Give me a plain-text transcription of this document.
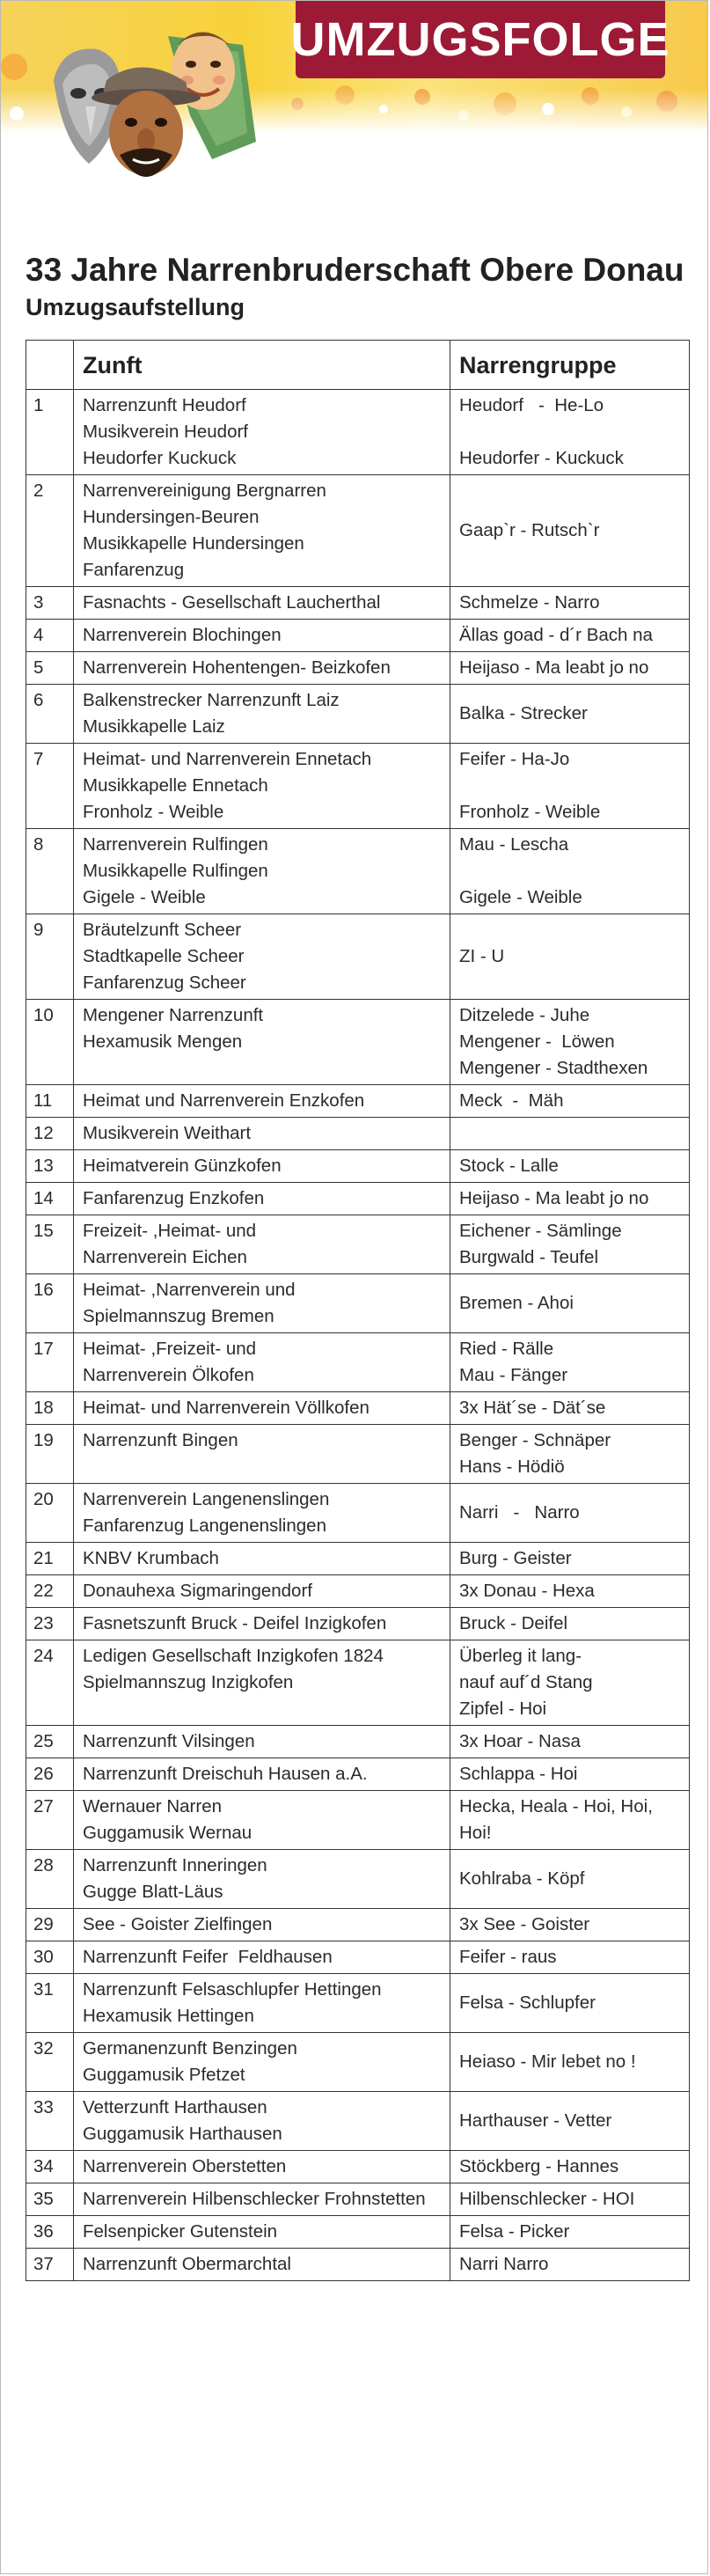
UMZUGSFOLGE
33 Jahre Narrenbruderschaft Obere Donau
Umzugsaufstellung
	Zunft	Narrengruppe
1	Narrenzunft Heudorf
Musikverein Heudorf
Heudorfer Kuckuck	Heudorf   -  He-Lo
Heudorfer - Kuckuck

2	Narrenvereinigung Bergnarren
Hundersingen-Beuren
Musikkapelle Hundersingen
Fanfarenzug	Gaap`r - Rutsch`r

3	Fasnachts - Gesellschaft Laucherthal	Schmelze - Narro

4	Narrenverein Blochingen	Ällas goad - d´r Bach na

5	Narrenverein Hohentengen- Beizkofen	Heijaso - Ma leabt jo no

6	Balkenstrecker Narrenzunft Laiz
Musikkapelle Laiz	Balka - Strecker

7	Heimat- und Narrenverein Ennetach
Musikkapelle Ennetach
Fronholz - Weible	Feifer - Ha-Jo
Fronholz - Weible

8	Narrenverein Rulfingen
Musikkapelle Rulfingen
Gigele - Weible	Mau - Lescha
Gigele - Weible

9	Bräutelzunft Scheer
Stadtkapelle Scheer
Fanfarenzug Scheer	ZI - U

10	Mengener Narrenzunft
Hexamusik Mengen	Ditzelede - Juhe
Mengener -  Löwen
Mengener - Stadthexen

11	Heimat und Narrenverein Enzkofen	Meck  -  Mäh

12	Musikverein Weithart	

13	Heimatverein Günzkofen	Stock - Lalle

14	Fanfarenzug Enzkofen	Heijaso - Ma leabt jo no

15	Freizeit- ,Heimat- und
Narrenverein Eichen	Eichener - Sämlinge
Burgwald - Teufel

16	Heimat- ,Narrenverein und
Spielmannszug Bremen	Bremen - Ahoi

17	Heimat- ,Freizeit- und
Narrenverein Ölkofen	Ried - Rälle
Mau - Fänger

18	Heimat- und Narrenverein Völlkofen	3x Hät´se - Dät´se

19	Narrenzunft Bingen	Benger - Schnäper
Hans - Hödiö

20	Narrenverein Langenenslingen
Fanfarenzug Langenenslingen	Narri   -   Narro

21	KNBV Krumbach	Burg - Geister

22	Donauhexa Sigmaringendorf	3x Donau - Hexa

23	Fasnetszunft Bruck - Deifel Inzigkofen	Bruck - Deifel

24	Ledigen Gesellschaft Inzigkofen 1824
Spielmannszug Inzigkofen	Überleg it lang-
nauf auf´d Stang
Zipfel - Hoi

25	Narrenzunft Vilsingen	3x Hoar - Nasa

26	Narrenzunft Dreischuh Hausen a.A.	Schlappa - Hoi

27	Wernauer Narren
Guggamusik Wernau	Hecka, Heala - Hoi, Hoi,
Hoi!

28	Narrenzunft Inneringen
Gugge Blatt-Läus	Kohlraba - Köpf

29	See - Goister Zielfingen	3x See - Goister

30	Narrenzunft Feifer  Feldhausen	Feifer - raus

31	Narrenzunft Felsaschlupfer Hettingen
Hexamusik Hettingen	Felsa - Schlupfer

32	Germanenzunft Benzingen
Guggamusik Pfetzet	Heiaso - Mir lebet no !

33	Vetterzunft Harthausen
Guggamusik Harthausen	Harthauser - Vetter

34	Narrenverein Oberstetten	Stöckberg - Hannes

35	Narrenverein Hilbenschlecker Frohnstetten	Hilbenschlecker - HOI

36	Felsenpicker Gutenstein	Felsa - Picker

37	Narrenzunft Obermarchtal	Narri Narro
